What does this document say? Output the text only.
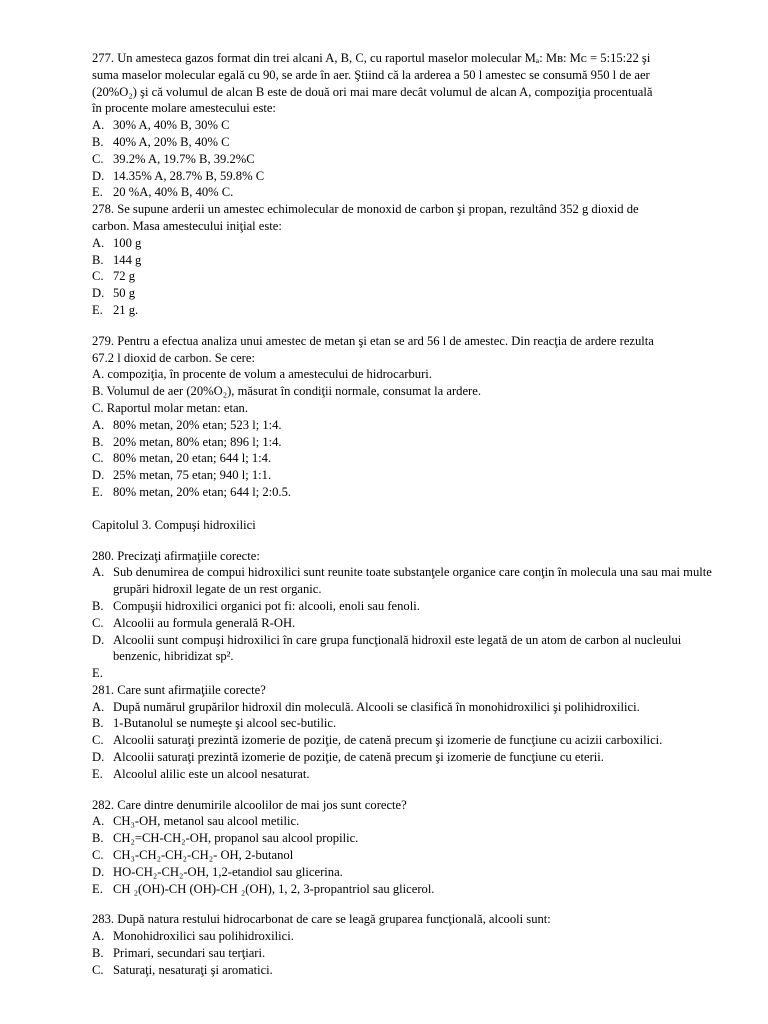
277. Un amesteca gazos format din trei alcani A, B, C, cu raportul maselor molecular Mₐ: Mʙ: Mᴄ = 5:15:22 şi
suma maselor molecular egală cu 90, se arde în aer. Ştiind că la arderea a 50 l amestec se consumă 950 l de aer
(20%O₂) şi că volumul de alcan B este de două ori mai mare decât volumul de alcan A, compoziţia procentuală
în procente molare amestecului este:
A. 30% A, 40% B, 30% C
B. 40% A, 20% B, 40% C
C. 39.2% A, 19.7% B, 39.2%C
D. 14.35% A, 28.7% B, 59.8% C
E. 20 %A, 40% B, 40% C.
278. Se supune arderii un amestec echimolecular de monoxid de carbon şi propan, rezultând 352 g dioxid de
carbon. Masa amestecului iniţial este:
A. 100 g
B. 144 g
C. 72 g
D. 50 g
E. 21 g.
279. Pentru a efectua analiza unui amestec de metan şi etan se ard 56 l de amestec. Din reacţia de ardere rezulta
67.2 l dioxid de carbon. Se cere:
A. compoziţia, în procente de volum a amestecului de hidrocarburi.
B. Volumul de aer (20%O₂), măsurat în condiţii normale, consumat la ardere.
C. Raportul molar metan: etan.
A. 80% metan, 20% etan; 523 l; 1:4.
B. 20% metan, 80% etan; 896 l; 1:4.
C. 80% metan, 20 etan; 644 l; 1:4.
D. 25% metan, 75 etan; 940 l; 1:1.
E. 80% metan, 20% etan; 644 l; 2:0.5.
Capitolul 3. Compuşi hidroxilici
280. Precizaţi afirmaţiile corecte:
A. Sub denumirea de compui hidroxilici sunt reunite toate substanţele organice care conţin în molecula una sau mai multe grupări hidroxil legate de un rest organic.
B. Compuşii hidroxilici organici pot fi: alcooli, enoli sau fenoli.
C. Alcoolii au formula generală R-OH.
D. Alcoolii sunt compuşi hidroxilici în care grupa funcţională hidroxil este legată de un atom de carbon al nucleului benzenic, hibridizat sp².
E.
281. Care sunt afirmaţiile corecte?
A. După numărul grupărilor hidroxil din moleculă. Alcooli se clasifică în monohidroxilici şi polihidroxilici.
B. 1-Butanolul se numeşte şi alcool sec-butilic.
C. Alcoolii saturaţi prezintă izomerie de poziţie, de catenă precum şi izomerie de funcţiune cu acizii carboxilici.
D. Alcoolii saturaţi prezintă izomerie de poziţie, de catenă precum şi izomerie de funcţiune cu eterii.
E. Alcoolul alilic este un alcool nesaturat.
282. Care dintre denumirile alcoolilor de mai jos sunt corecte?
A. CH₃-OH, metanol sau alcool metilic.
B. CH₂=CH-CH₂-OH, propanol sau alcool propilic.
C. CH₃-CH₂-CH₂-CH₂- OH, 2-butanol
D. HO-CH₂-CH₂-OH, 1,2-etandiol sau glicerina.
E. CH ₂(OH)-CH (OH)-CH ₂(OH), 1, 2, 3-propantriol sau glicerol.
283. După natura restului hidrocarbonat de care se leagă gruparea funcţională, alcooli sunt:
A. Monohidroxilici sau polihidroxilici.
B. Primari, secundari sau terţiari.
C. Saturaţi, nesaturaţi şi aromatici.
